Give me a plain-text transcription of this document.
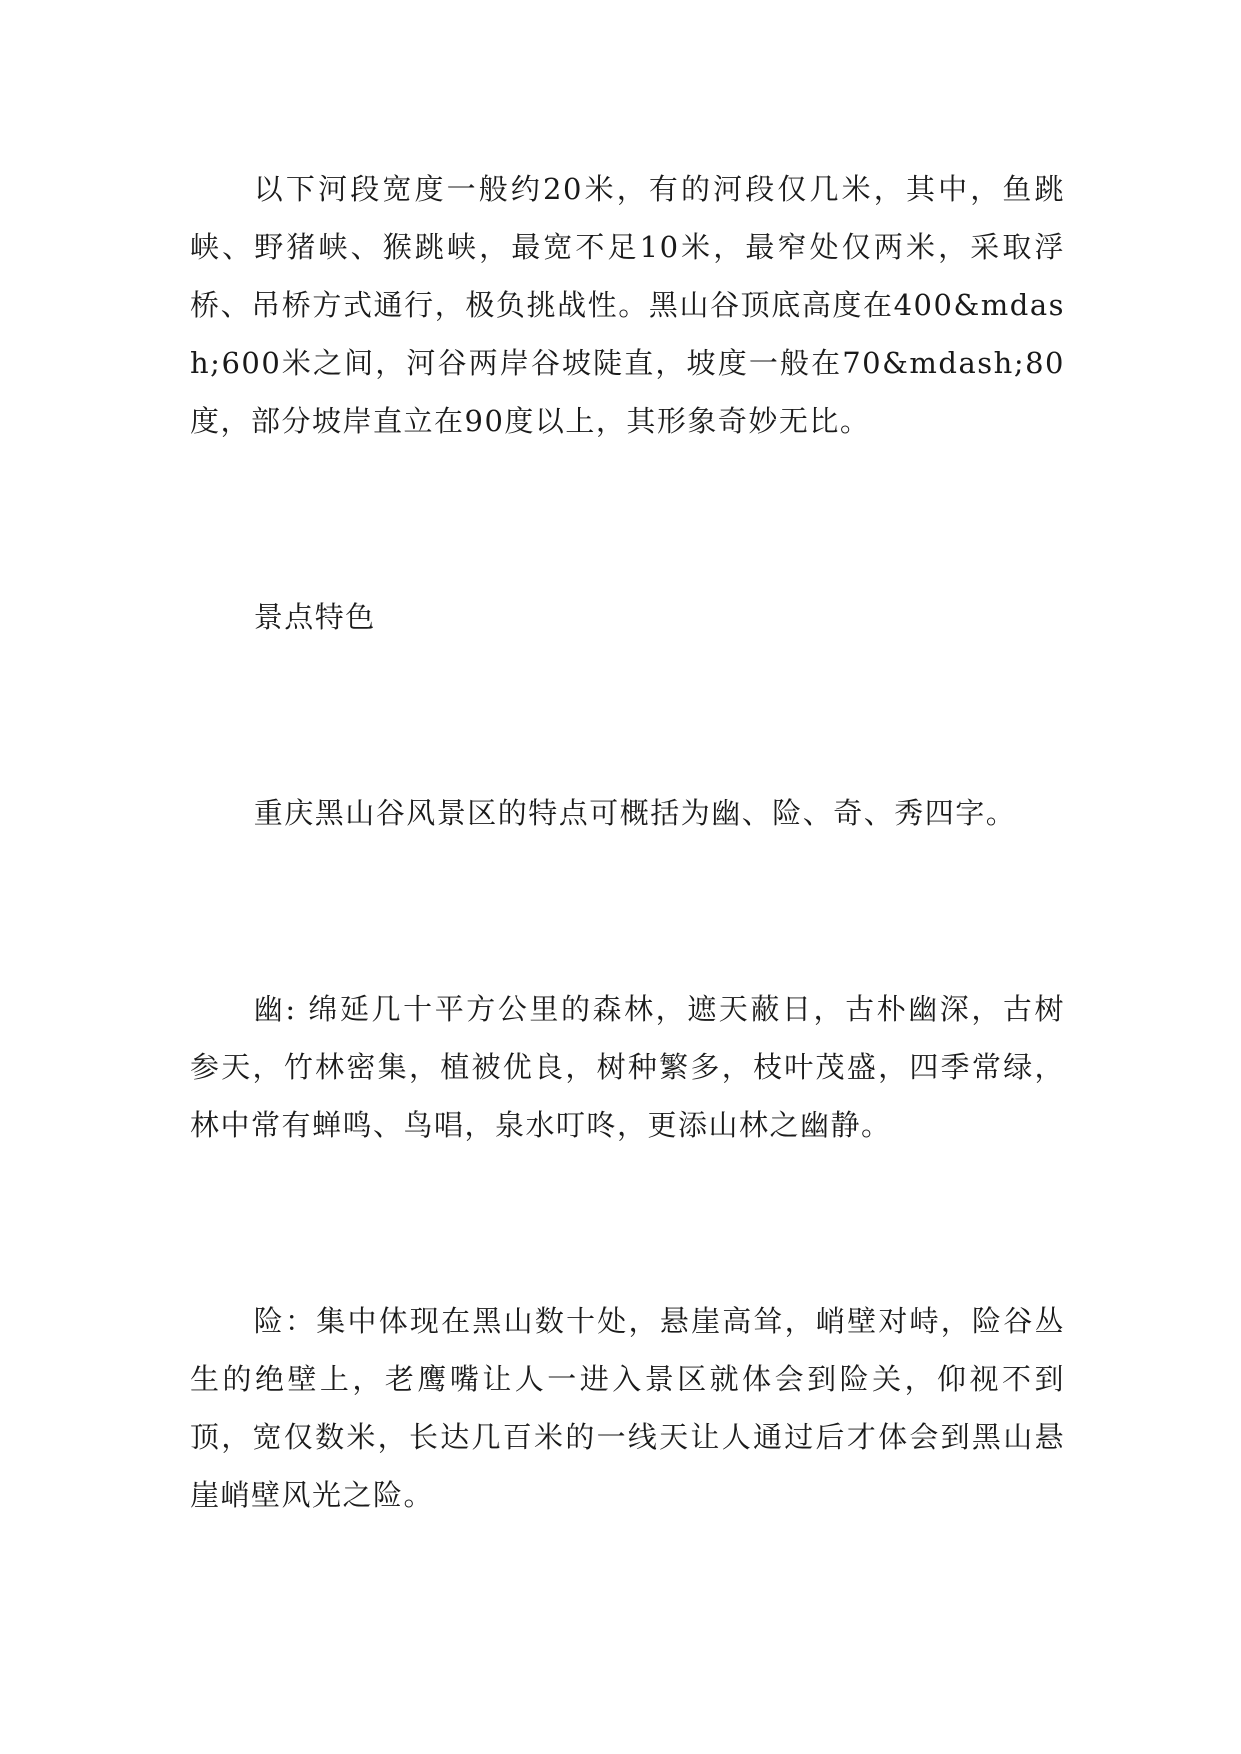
以下河段宽度一般约20米，有的河段仅几米，其中，鱼跳峡、野猪峡、猴跳峡，最宽不足10米，最窄处仅两米，采取浮桥、吊桥方式通行，极负挑战性。黑山谷顶底高度在400&mdash;600米之间，河谷两岸谷坡陡直，坡度一般在70&mdash;80度，部分坡岸直立在90度以上，其形象奇妙无比。

景点特色

重庆黑山谷风景区的特点可概括为幽、险、奇、秀四字。

幽: 绵延几十平方公里的森林，遮天蔽日，古朴幽深，古树参天，竹林密集，植被优良，树种繁多，枝叶茂盛，四季常绿，林中常有蝉鸣、鸟唱，泉水叮咚，更添山林之幽静。

险：集中体现在黑山数十处，悬崖高耸，峭壁对峙，险谷丛生的绝壁上，老鹰嘴让人一进入景区就体会到险关，仰视不到顶，宽仅数米，长达几百米的一线天让人通过后才体会到黑山悬崖峭壁风光之险。
